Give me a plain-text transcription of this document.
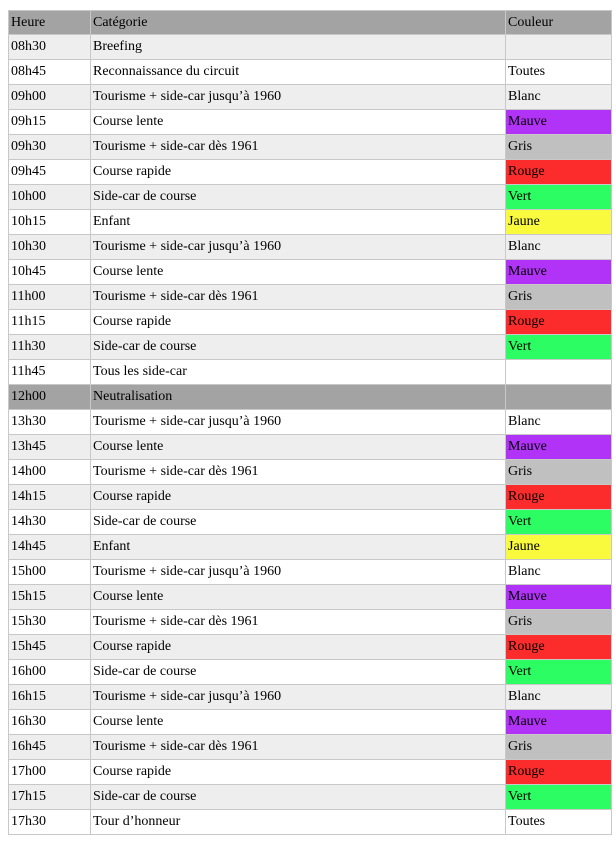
Heure	Catégorie	Couleur
08h30	Breefing	
08h45	Reconnaissance du circuit	Toutes
09h00	Tourisme + side-car jusqu’à 1960	Blanc
09h15	Course lente	Mauve
09h30	Tourisme + side-car dès 1961	Gris
09h45	Course rapide	Rouge
10h00	Side-car de course	Vert
10h15	Enfant	Jaune
10h30	Tourisme + side-car jusqu’à 1960	Blanc
10h45	Course lente	Mauve
11h00	Tourisme + side-car dès 1961	Gris
11h15	Course rapide	Rouge
11h30	Side-car de course	Vert
11h45	Tous les side-car	
12h00	Neutralisation	
13h30	Tourisme + side-car jusqu’à 1960	Blanc
13h45	Course lente	Mauve
14h00	Tourisme + side-car dès 1961	Gris
14h15	Course rapide	Rouge
14h30	Side-car de course	Vert
14h45	Enfant	Jaune
15h00	Tourisme + side-car jusqu’à 1960	Blanc
15h15	Course lente	Mauve
15h30	Tourisme + side-car dès 1961	Gris
15h45	Course rapide	Rouge
16h00	Side-car de course	Vert
16h15	Tourisme + side-car jusqu’à 1960	Blanc
16h30	Course lente	Mauve
16h45	Tourisme + side-car dès 1961	Gris
17h00	Course rapide	Rouge
17h15	Side-car de course	Vert
17h30	Tour d’honneur	Toutes
